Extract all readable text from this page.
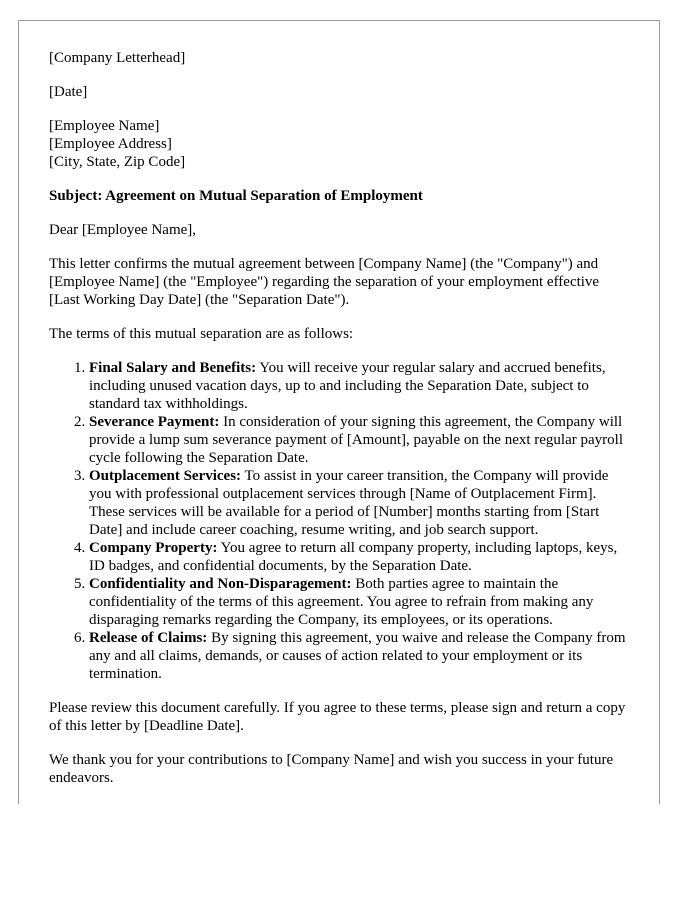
[Company Letterhead]

[Date]

[Employee Name]
[Employee Address]
[City, State, Zip Code]

Subject: Agreement on Mutual Separation of Employment

Dear [Employee Name],

This letter confirms the mutual agreement between [Company Name] (the "Company") and [Employee Name] (the "Employee") regarding the separation of your employment effective [Last Working Day Date] (the "Separation Date").

The terms of this mutual separation are as follows:

1. Final Salary and Benefits: You will receive your regular salary and accrued benefits, including unused vacation days, up to and including the Separation Date, subject to standard tax withholdings.
2. Severance Payment: In consideration of your signing this agreement, the Company will provide a lump sum severance payment of [Amount], payable on the next regular payroll cycle following the Separation Date.
3. Outplacement Services: To assist in your career transition, the Company will provide you with professional outplacement services through [Name of Outplacement Firm]. These services will be available for a period of [Number] months starting from [Start Date] and include career coaching, resume writing, and job search support.
4. Company Property: You agree to return all company property, including laptops, keys, ID badges, and confidential documents, by the Separation Date.
5. Confidentiality and Non-Disparagement: Both parties agree to maintain the confidentiality of the terms of this agreement. You agree to refrain from making any disparaging remarks regarding the Company, its employees, or its operations.
6. Release of Claims: By signing this agreement, you waive and release the Company from any and all claims, demands, or causes of action related to your employment or its termination.

Please review this document carefully. If you agree to these terms, please sign and return a copy of this letter by [Deadline Date].

We thank you for your contributions to [Company Name] and wish you success in your future endeavors.
